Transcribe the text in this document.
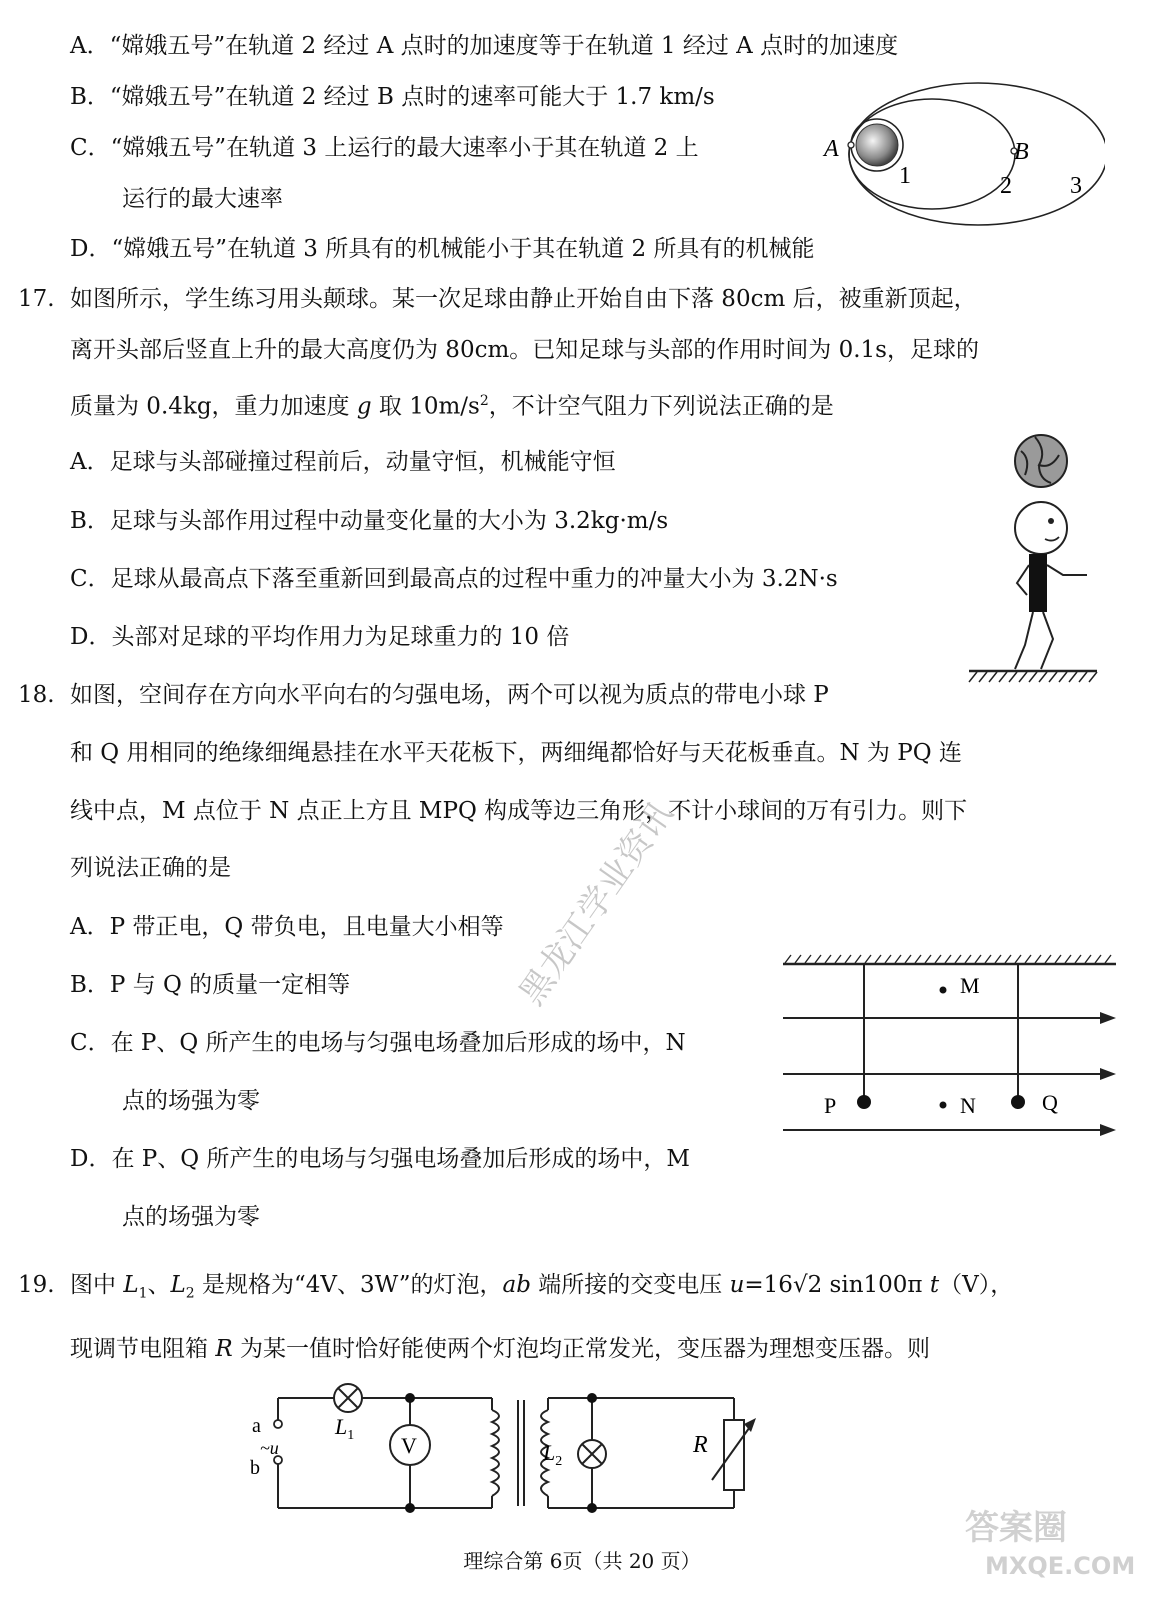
A．“嫦娥五号”在轨道 2 经过 A 点时的加速度等于在轨道 1 经过 A 点时的加速度
B．“嫦娥五号”在轨道 2 经过 B 点时的速率可能大于 1.7 km/s
C．“嫦娥五号”在轨道 3 上运行的最大速率小于其在轨道 2 上
运行的最大速率
D．“嫦娥五号”在轨道 3 所具有的机械能小于其在轨道 2 所具有的机械能
A	B
1	2 3
17. 如图所示，学生练习用头颠球。某一次足球由静止开始自由下落 80cm 后，被重新顶起，
离开头部后竖直上升的最大高度仍为 80cm。已知足球与头部的作用时间为 0.1s，足球的
质量为 0.4kg，重力加速度 g 取 $10m/s^2$，不计空气阻力下列说法正确的是
A．足球与头部碰撞过程前后，动量守恒，机械能守恒
B．足球与头部作用过程中动量变化量的大小为 3.2kg·m/s
C．足球从最高点下落至重新回到最高点的过程中重力的冲量大小为 3.2N·s
D．头部对足球的平均作用力为足球重力的 10 倍
18. 如图，空间存在方向水平向右的匀强电场，两个可以视为质点的带电小球 P
和 Q 用相同的绝缘细绳悬挂在水平天花板下，两细绳都恰好与天花板垂直。N 为 PQ 连
线中点，M 点位于 N 点正上方且 MPQ 构成等边三角形，不计小球间的万有引力。则下
列说法正确的是
A．P 带正电，Q 带负电，且电量大小相等
B．P 与 Q 的质量一定相等
C．在 P、Q 所产生的电场与匀强电场叠加后形成的场中，N
点的场强为零
D．在 P、Q 所产生的电场与匀强电场叠加后形成的场中，M
点的场强为零
M
N
P	Q
19. 图中 $L_1$、$L_2$ 是规格为“4V、3W”的灯泡，ab 端所接的交变电压 u=16√2 sin100π t（V），
现调节电阻箱 R 为某一值时恰好能使两个灯泡均正常发光，变压器为理想变压器。则
V
a
b
~u
$L_1$
$L_2$
R
理综合第 6页（共 20 页）
黑龙江学业资讯
答案圈
MXQE.COM
